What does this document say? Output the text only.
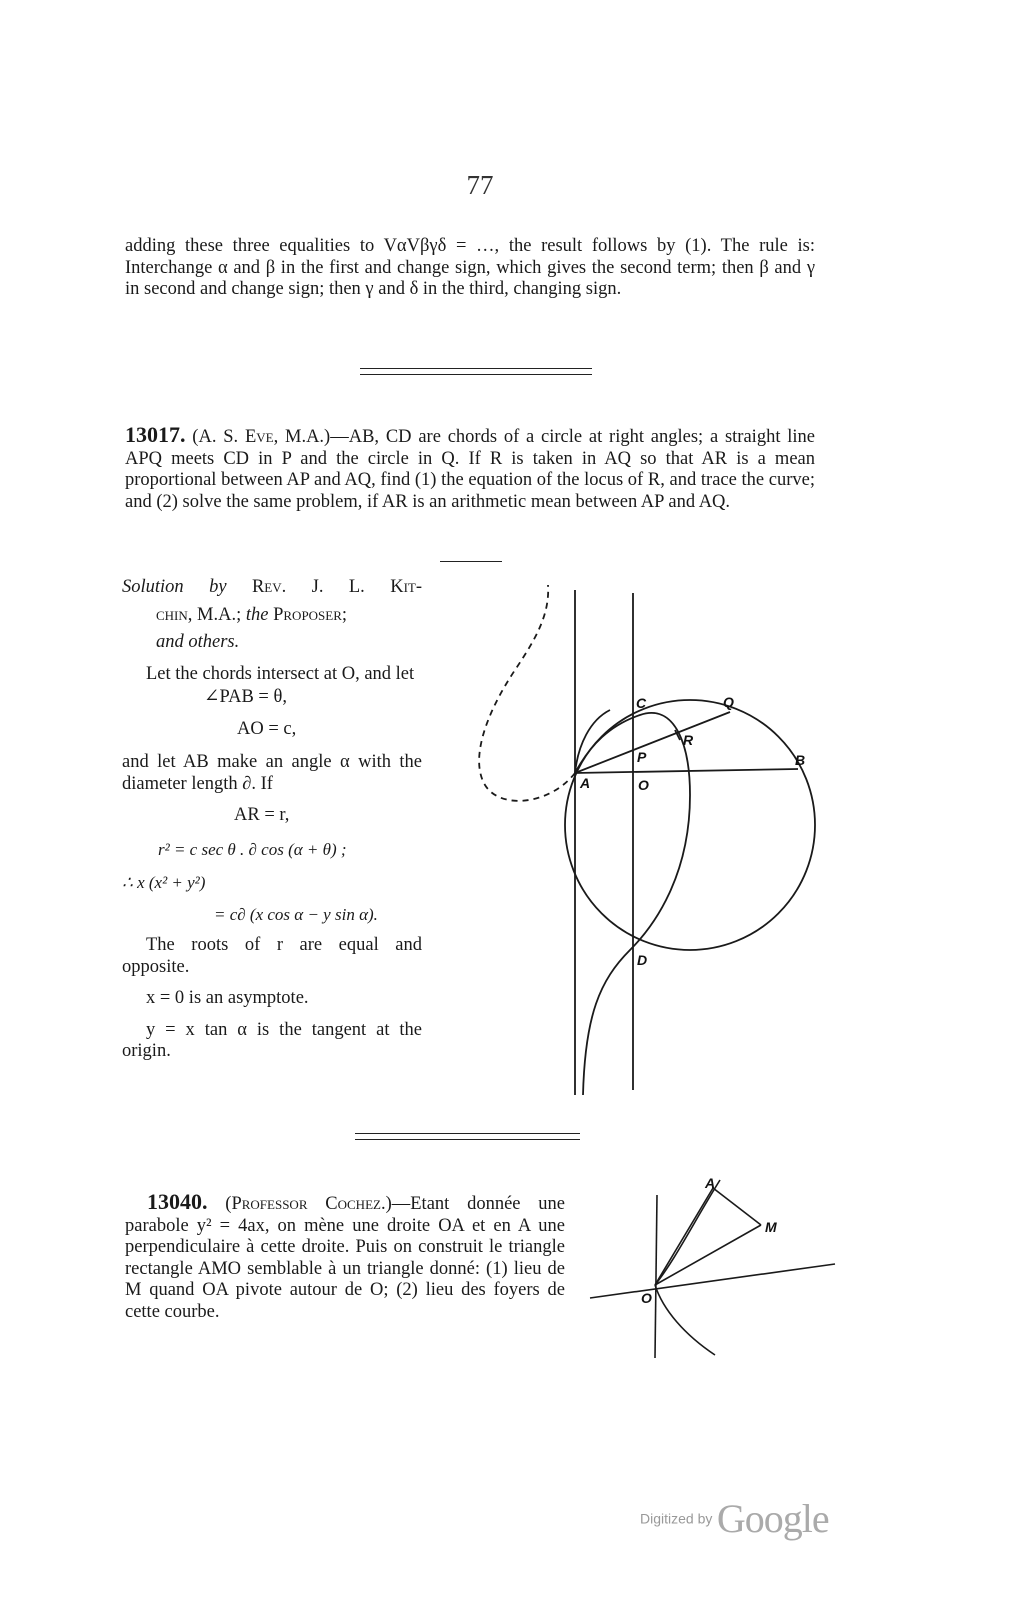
77

adding these three equalities to VαVβγδ = …, the result follows by (1). The rule is: Interchange α and β in the first and change sign, which gives the second term; then β and γ in second and change sign; then γ and δ in the third, changing sign.

13017. (A. S. Eve, M.A.)—AB, CD are chords of a circle at right angles; a straight line APQ meets CD in P and the circle in Q. If R is taken in AQ so that AR is a mean proportional between AP and AQ, find (1) the equation of the locus of R, and trace the curve; and (2) solve the same problem, if AR is an arithmetic mean between AP and AQ.

Solution by Rev. J. L. Kit-

chin, M.A.; the Proposer;

and others.

Let the chords intersect at O, and let

∠PAB = θ,

AO = c,

and let AB make an angle α with the diameter length ∂. If

AR = r,

r² = c sec θ . ∂ cos (α + θ) ;

∴ x (x² + y²)

= c∂ (x cos α − y sin α).

The roots of r are equal and opposite.

x = 0 is an asymptote.

y = x tan α is the tangent at the origin.

C	Q
R
P	B
A	O
D

13040. (Professor Cochez.)—Etant donnée une parabole y² = 4ax, on mène une droite OA et en A une perpendiculaire à cette droite. Puis on construit le triangle rectangle AMO semblable à un triangle donné: (1) lieu de M quand OA pivote autour de O; (2) lieu des foyers de cette courbe.

A
M
O
Digitized by Google
